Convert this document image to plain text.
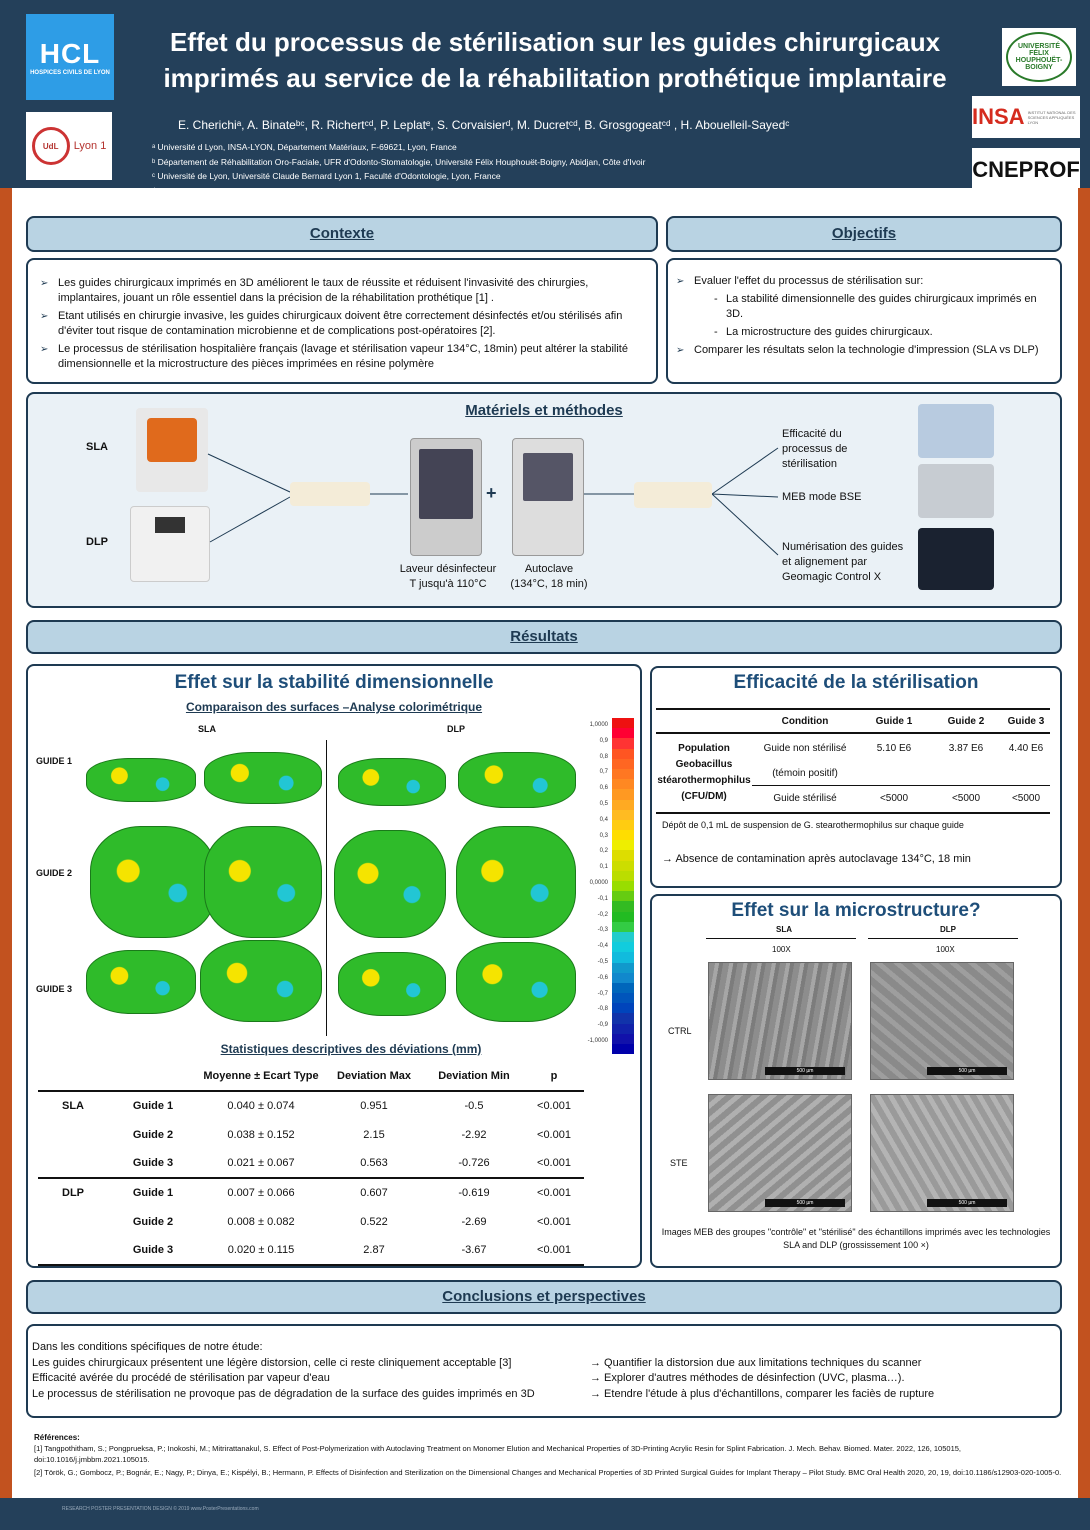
HCL
HOSPICES CIVILS DE LYON
UdL	Lyon 1
Effet du processus de stérilisation sur les guides chirurgicaux
imprimés au service de la réhabilitation prothétique implantaire
E. Cherichiᵃ, A. Binateᵇᶜ, R. Richertᶜᵈ, P. Leplatᵉ, S. Corvaisierᵈ, M. Ducretᶜᵈ, B. Grosgogeatᶜᵈ , H. Abouelleil-Sayedᶜ
ᵃ Université d Lyon, INSA-LYON, Département Matériaux, F-69621, Lyon, France
ᵇ Département de Réhabilitation Oro-Faciale, UFR d'Odonto-Stomatologie, Université Félix Houphouët-Boigny, Abidjan, Côte d'Ivoir
ᶜ Université de Lyon, Université Claude Bernard Lyon 1, Faculté d'Odontologie, Lyon, France
ᵈ Hospices Civils de Lyon, Service d'Odontologie, Lyon, France
ᵉ Hospices Civils de Lyon, Direction de l'Innovation, Lyon, France
UNIVERSITÉ FÉLIX HOUPHOUËT-BOIGNY
INSA INSTITUT NATIONAL DES SCIENCES APPLIQUÉES LYON
CNEPROF
Contexte	Objectifs
➢ Les guides chirurgicaux imprimés en 3D améliorent le taux de réussite et réduisent l'invasivité des chirurgies, implantaires, jouant un rôle essentiel dans la précision de la réhabilitation prothétique [1] .
➢ Etant utilisés en chirurgie invasive, les guides chirurgicaux doivent être correctement désinfectés et/ou stérilisés afin d'éviter tout risque de contamination microbienne et de complications post-opératoires [2].
➢ Le processus de stérilisation hospitalière français (lavage et stérilisation vapeur 134°C, 18min) peut altérer la stabilité dimensionnelle et la microstructure des pièces imprimées en résine polymère
➢ Evaluer l'effet du processus de stérilisation sur:
- La stabilité dimensionnelle des guides chirurgicaux imprimés en 3D.
- La microstructure des guides chirurgicaux.
➢ Comparer les résultats selon la technologie d'impression (SLA vs DLP)
Matériels et méthodes
SLA
DLP
+
Laveur désinfecteur
T jusqu'à 110°C
Autoclave
(134°C, 18 min)
Efficacité du processus de stérilisation
MEB mode BSE
Numérisation des guides et alignement par Geomagic Control X
Résultats
Effet sur la stabilité dimensionnelle
Comparaison des surfaces –Analyse colorimétrique
SLA	DLP
GUIDE 1
GUIDE 2
GUIDE 3
1,0000
0,9
0,8
0,7
0,6
0,5
0,4
0,3
0,2
0,1
0,0000
-0,1
-0,2
-0,3
-0,4
-0,5
-0,6
-0,7
-0,8
-0,9
-1,0000
Statistiques descriptives des déviations (mm)
		Moyenne ± Ecart Type	Deviation Max	Deviation Min	p
SLA	Guide 1	0.040 ± 0.074	0.951	-0.5	<0.001
	Guide 2	0.038 ± 0.152	2.15	-2.92	<0.001
	Guide 3	0.021 ± 0.067	0.563	-0.726	<0.001
DLP	Guide 1	0.007 ± 0.066	0.607	-0.619	<0.001
	Guide 2	0.008 ± 0.082	0.522	-2.69	<0.001
	Guide 3	0.020 ± 0.115	2.87	-3.67	<0.001
Efficacité de la stérilisation
	Condition	Guide 1	Guide 2	Guide 3
Population Geobacillus stéarothermophilus (CFU/DM)	Guide non stérilisé	5.10 E6	3.87 E6	4.40 E6
	(témoin positif)			
	Guide stérilisé	<5000	<5000	<5000
Dépôt de 0,1 mL de suspension de G. stearothermophilus sur chaque guide
→ Absence de contamination après autoclavage 134°C, 18 min
Effet sur la microstructure?
SLA	DLP
100X	100X
CTRL
STE
500 µm	500 µm
500 µm	500 µm
Images MEB des groupes "contrôle" et "stérilisé" des échantillons imprimés avec les technologies SLA and DLP (grossissement 100 ×)
Conclusions et perspectives
Dans les conditions spécifiques de notre étude:
Les guides chirurgicaux présentent une légère distorsion, celle ci reste cliniquement acceptable [3]
Efficacité avérée du procédé de stérilisation par vapeur d'eau
Le processus de stérilisation ne provoque pas de dégradation de la surface des guides imprimés en 3D
→ Quantifier la distorsion due aux limitations techniques du scanner
→ Explorer d'autres méthodes de désinfection (UVC, plasma…).
→ Etendre l'étude à plus d'échantillons, comparer les faciès de rupture
Références:
[1] Tangpothitham, S.; Pongprueksa, P.; Inokoshi, M.; Mitrirattanakul, S. Effect of Post-Polymerization with Autoclaving Treatment on Monomer Elution and Mechanical Properties of 3D-Printing Acrylic Resin for Splint Fabrication. J. Mech. Behav. Biomed. Mater. 2022, 126, 105015, doi:10.1016/j.jmbbm.2021.105015.
[2] Török, G.; Gombocz, P.; Bognár, E.; Nagy, P.; Dinya, E.; Kispélyi, B.; Hermann, P. Effects of Disinfection and Sterilization on the Dimensional Changes and Mechanical Properties of 3D Printed Surgical Guides for Implant Therapy – Pilot Study. BMC Oral Health 2020, 20, 19, doi:10.1186/s12903-020-1005-0.
RESEARCH POSTER PRESENTATION DESIGN © 2019 www.PosterPresentations.com
